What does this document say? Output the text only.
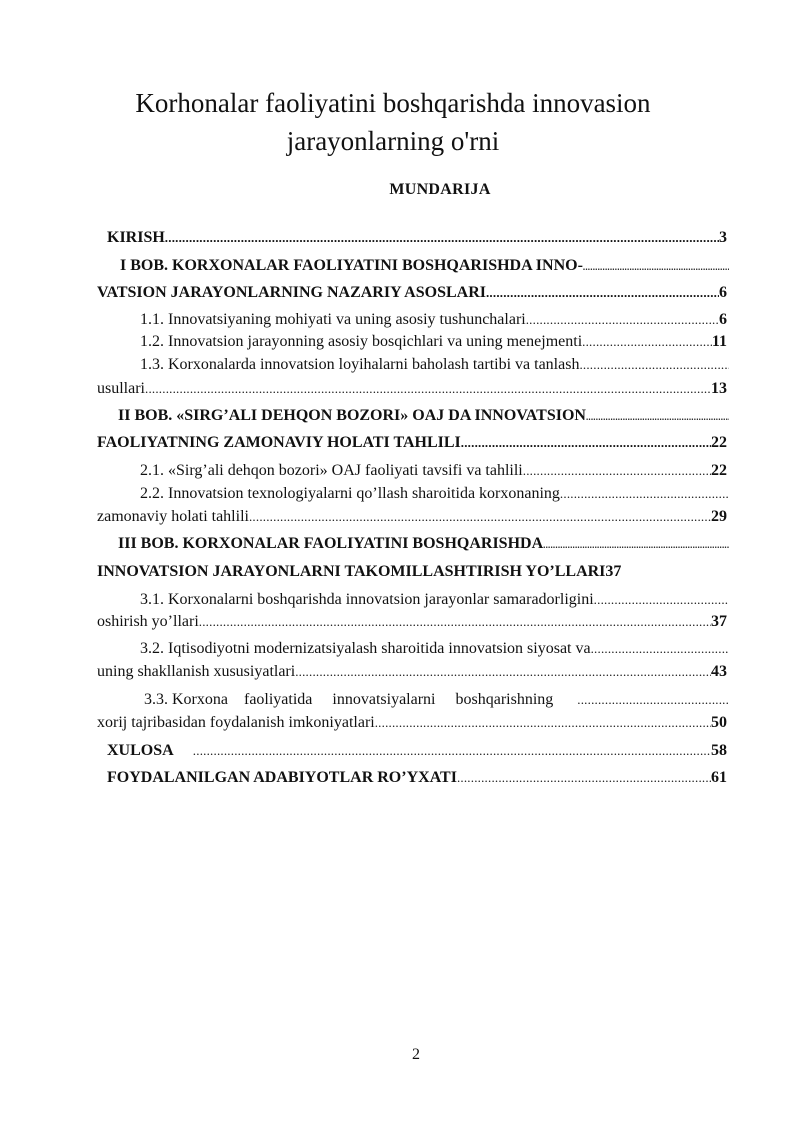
Korhonalar faoliyatini boshqarishda innovasion
jarayonlarning o'rni
MUNDARIJA
KIRISH .....	3
I BOB. KORXONALAR FAOLIYATINI BOSHQARISHDA INNO-
.....
VATSION JARAYONLARNING NAZARIY ASOSLARI .....	6
1.1. Innovatsiyaning mohiyati va uning asosiy tushunchalari .....	6
1.2. Innovatsion jarayonning asosiy bosqichlari va uning menejmenti .....	11
1.3. Korxonalarda innovatsion loyihalarni baholash tartibi va tanlash
.....
usullari .....	13
II BOB. «SIRG’ALI DEHQON BOZORI» OAJ DA INNOVATSION
.....
FAOLIYATNING ZAMONAVIY HOLATI TAHLILI .....	22
2.1. «Sirg’ali dehqon bozori» OAJ faoliyati tavsifi va tahlili .....	22
2.2. Innovatsion texnologiyalarni qo’llash sharoitida korxonaning
.....
zamonaviy holati tahlili .....	29
III BOB. KORXONALAR FAOLIYATINI BOSHQARISHDA
.....
INNOVATSION JARAYONLARNI TAKOMILLASHTIRISH YO’LLARI 37
3.1. Korxonalarni boshqarishda innovatsion jarayonlar samaradorligini
.....
oshirish yo’llari .....	37
3.2. Iqtisodiyotni modernizatsiyalash sharoitida innovatsion siyosat va
.....
uning shakllanish xususiyatlari .....	43
3.3. Korxona    faoliyatida     innovatsiyalarni     boshqarishning
.....
xorij tajribasidan foydalanish imkoniyatlari .....	50
XULOSA .....	58
FOYDALANILGAN ADABIYOTLAR RO’YXATI .....	61
2
